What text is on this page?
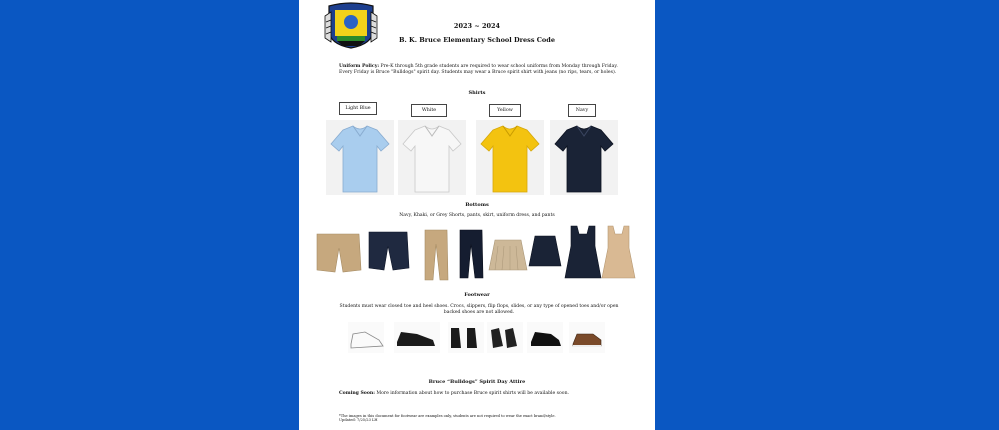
2023 ~ 2024
B. K. Bruce Elementary School Dress Code
Uniform Policy: Pre-K through 5th grade students are required to wear school uniforms from Monday through Friday. Every Friday is Bruce "Bulldogs" spirit day. Students may wear a Bruce spirit shirt with jeans (no rips, tears, or holes).
Shirts
Light Blue	White	Yellow	Navy
Bottoms
Navy, Khaki, or Grey Shorts, pants, skirt, uniform dress, and pants
Footwear
Students must wear closed toe and heel shoes. Crocs, slippers, flip flops, slides, or any type of opened toes and/or open backed shoes are not allowed.
Bruce “Bulldogs” Spirit Day Attire
Coming Soon: More information about how to purchase Bruce spirit shirts will be available soon.
*The images in this document for footwear are examples only, students are not required to wear the exact brand/style.
Updated: 7/25/23 LH
